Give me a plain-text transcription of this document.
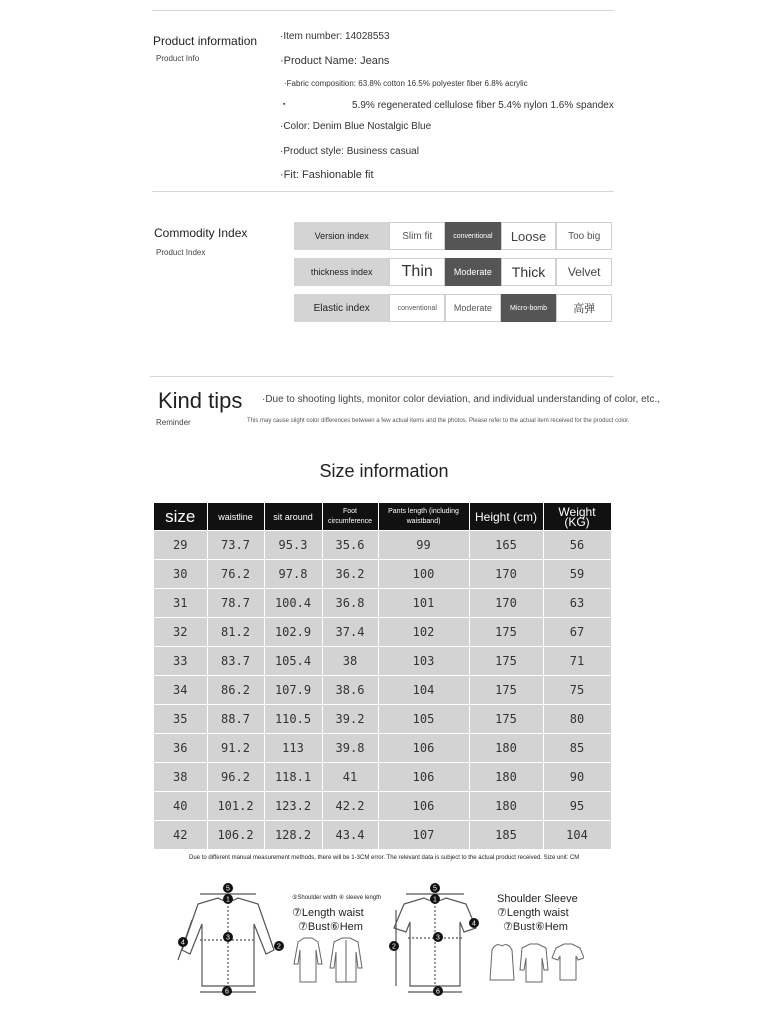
Product information
Product Info
·Item number: 14028553
·Product Name: Jeans
·Fabric composition: 63.8% cotton 16.5% polyester fiber 6.8% acrylic
▪	5.9% regenerated cellulose fiber 5.4% nylon 1.6% spandex
·Color: Denim Blue Nostalgic Blue
·Product style: Business casual
·Fit: Fashionable fit
Commodity Index
Product Index
Version index	Slim fit	conventional	Loose	Too big
thickness index	Thin	Moderate	Thick	Velvet
Elastic index	conventional	Moderate	Micro-bomb	高弹
Kind tips
Reminder
·Due to shooting lights, monitor color deviation, and individual understanding of color, etc.,
This may cause slight color differences between a few actual items and the photos. Please refer to the actual item received for the product color.
Size information
size	waistline	sit around	Foot circumference	Pants length (including waistband)	Height (cm)	Weight (KG)
29	73.7	95.3	35.6	99	165	56
30	76.2	97.8	36.2	100	170	59
31	78.7	100.4	36.8	101	170	63
32	81.2	102.9	37.4	102	175	67
33	83.7	105.4	38	103	175	71
34	86.2	107.9	38.6	104	175	75
35	88.7	110.5	39.2	105	175	80
36	91.2	113	39.8	106	180	85
38	96.2	118.1	41	106	180	90
40	101.2	123.2	42.2	106	180	95
42	106.2	128.2	43.4	107	185	104
Due to different manual measurement methods, there will be 1-3CM error. The relevant data is subject to the actual product received. Size unit: CM
5
1
4
3
2
6
⑤Shoulder width ④ sleeve length
⑦Length waist
⑦Bust⑥Hem
5
1
4
3
2
6
Shoulder Sleeve
⑦Length waist
⑦Bust⑥Hem
